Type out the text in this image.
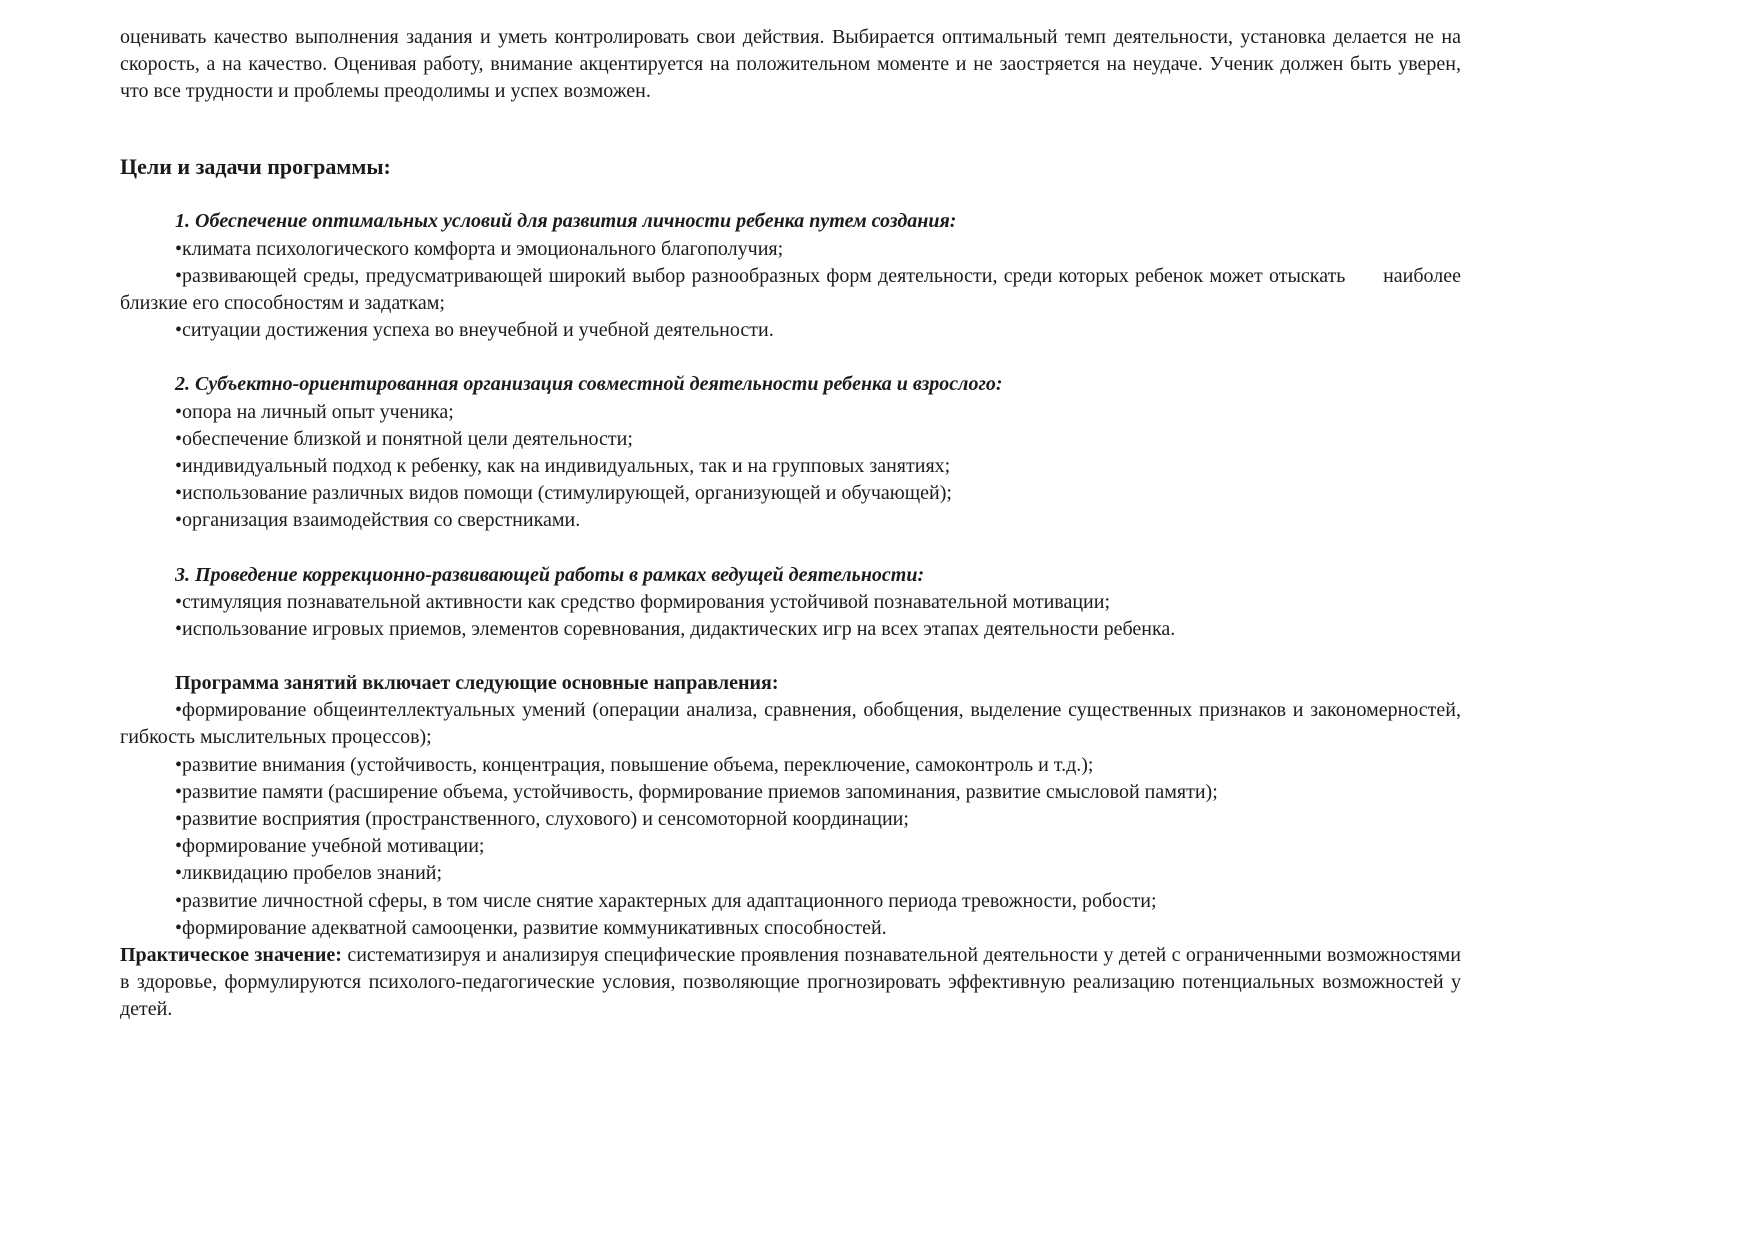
оценивать качество выполнения задания и уметь контролировать свои действия. Выбирается оптимальный темп деятельности, установка делается не на скорость, а на качество. Оценивая работу, внимание акцентируется на положительном моменте и не заостряется на неудаче. Ученик должен быть уверен, что все трудности и проблемы преодолимы и успех возможен.

Цели и задачи программы:

1. Обеспечение оптимальных условий для развития личности ребенка путем создания:

• климата психологического комфорта и эмоционального благополучия;

• развивающей среды, предусматривающей широкий выбор разнообразных форм деятельности, среди которых ребенок может отыскать      наиболее близкие его способностям и задаткам;

• ситуации достижения успеха во внеучебной и учебной деятельности.

2. Субъектно-ориентированная организация совместной деятельности ребенка и взрослого:

• опора на личный опыт ученика;

• обеспечение близкой и понятной цели деятельности;

• индивидуальный подход к ребенку, как на индивидуальных, так и на групповых занятиях;

• использование различных видов помощи (стимулирующей, организующей и обучающей);

• организация взаимодействия со сверстниками.

3. Проведение коррекционно-развивающей работы в рамках ведущей деятельности:

• стимуляция познавательной активности как средство формирования устойчивой познавательной мотивации;

• использование игровых приемов, элементов соревнования, дидактических игр на всех этапах деятельности ребенка.

Программа занятий включает следующие основные направления:

• формирование общеинтеллектуальных умений (операции анализа, сравнения, обобщения, выделение существенных признаков и закономерностей, гибкость мыслительных процессов);

• развитие внимания (устойчивость, концентрация, повышение объема, переключение, самоконтроль и т.д.);

• развитие памяти (расширение объема, устойчивость, формирование приемов запоминания, развитие смысловой памяти);

• развитие восприятия (пространственного, слухового) и сенсомоторной координации;

• формирование учебной мотивации;

• ликвидацию пробелов знаний;

• развитие личностной сферы, в том числе снятие характерных для адаптационного периода тревожности, робости;

• формирование адекватной самооценки, развитие коммуникативных способностей.

Практическое значение: систематизируя и анализируя специфические проявления познавательной деятельности у детей с ограниченными возможностями в здоровье, формулируются психолого-педагогические условия, позволяющие прогнозировать эффективную реализацию потенциальных возможностей у детей.
